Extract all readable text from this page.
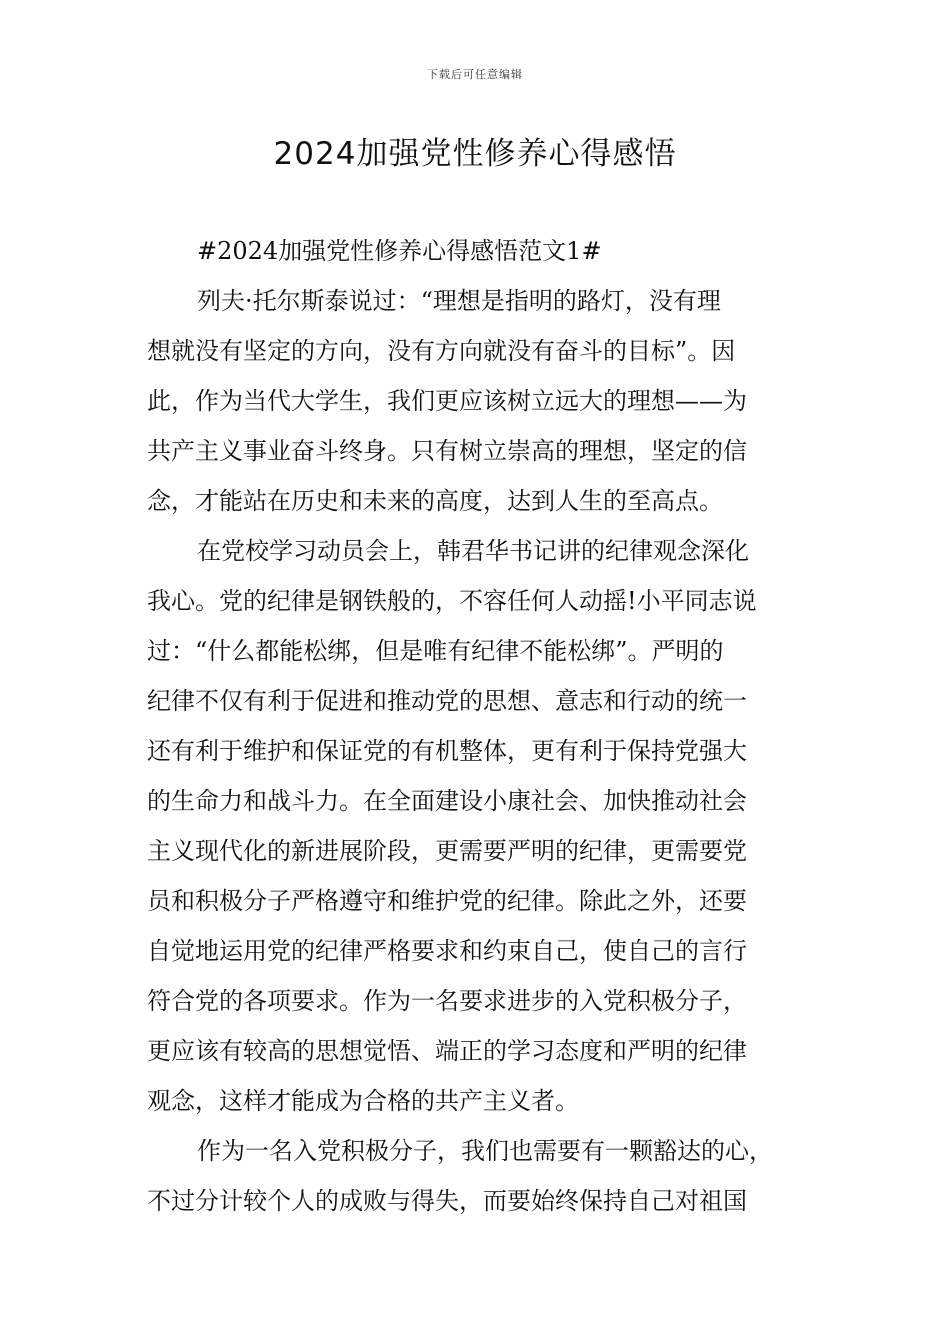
下载后可任意编辑
2024加强党性修养心得感悟
#2024加强党性修养心得感悟范文1#
列夫·托尔斯泰说过：“理想是指明的路灯，没有理
想就没有坚定的方向，没有方向就没有奋斗的目标”。因
此，作为当代大学生，我们更应该树立远大的理想——为
共产主义事业奋斗终身。只有树立崇高的理想，坚定的信
念，才能站在历史和未来的高度，达到人生的至高点。
在党校学习动员会上，韩君华书记讲的纪律观念深化
我心。党的纪律是钢铁般的，不容任何人动摇!小平同志说
过：“什么都能松绑，但是唯有纪律不能松绑”。严明的
纪律不仅有利于促进和推动党的思想、意志和行动的统一
还有利于维护和保证党的有机整体，更有利于保持党强大
的生命力和战斗力。在全面建设小康社会、加快推动社会
主义现代化的新进展阶段，更需要严明的纪律，更需要党
员和积极分子严格遵守和维护党的纪律。除此之外，还要
自觉地运用党的纪律严格要求和约束自己，使自己的言行
符合党的各项要求。作为一名要求进步的入党积极分子，
更应该有较高的思想觉悟、端正的学习态度和严明的纪律
观念，这样才能成为合格的共产主义者。
作为一名入党积极分子，我们也需要有一颗豁达的心，
不过分计较个人的成败与得失，而要始终保持自己对祖国
